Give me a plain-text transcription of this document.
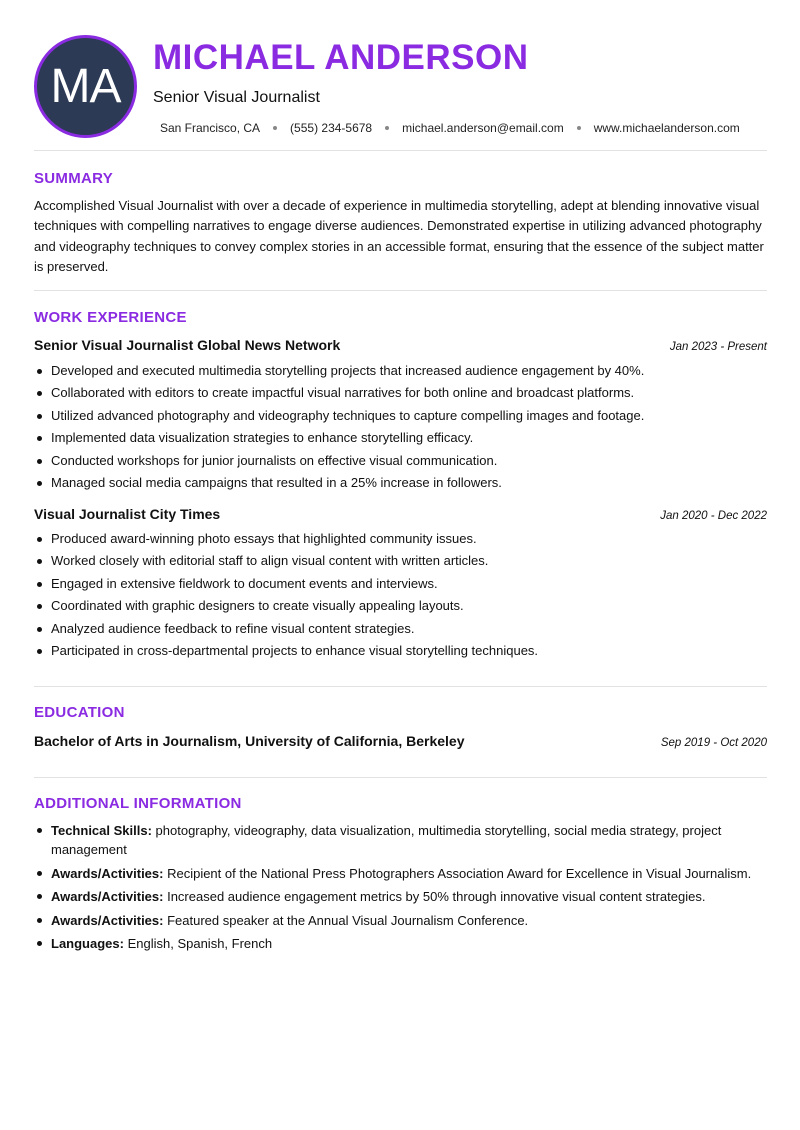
MA
MICHAEL ANDERSON
Senior Visual Journalist
San Francisco, CA	(555) 234-5678	michael.anderson@email.com	www.michaelanderson.com
SUMMARY

Accomplished Visual Journalist with over a decade of experience in multimedia storytelling, adept at blending innovative visual techniques with compelling narratives to engage diverse audiences. Demonstrated expertise in utilizing advanced photography and videography techniques to convey complex stories in an accessible format, ensuring that the essence of the subject matter is preserved.

WORK EXPERIENCE
Senior Visual Journalist Global News Network	Jan 2023 - Present
Developed and executed multimedia storytelling projects that increased audience engagement by 40%.
Collaborated with editors to create impactful visual narratives for both online and broadcast platforms.
Utilized advanced photography and videography techniques to capture compelling images and footage.
Implemented data visualization strategies to enhance storytelling efficacy.
Conducted workshops for junior journalists on effective visual communication.
Managed social media campaigns that resulted in a 25% increase in followers.
Visual Journalist City Times	Jan 2020 - Dec 2022
Produced award-winning photo essays that highlighted community issues.
Worked closely with editorial staff to align visual content with written articles.
Engaged in extensive fieldwork to document events and interviews.
Coordinated with graphic designers to create visually appealing layouts.
Analyzed audience feedback to refine visual content strategies.
Participated in cross-departmental projects to enhance visual storytelling techniques.
EDUCATION
Bachelor of Arts in Journalism, University of California, Berkeley	Sep 2019 - Oct 2020
ADDITIONAL INFORMATION
Technical Skills: photography, videography, data visualization, multimedia storytelling, social media strategy, project management
Awards/Activities: Recipient of the National Press Photographers Association Award for Excellence in Visual Journalism.
Awards/Activities: Increased audience engagement metrics by 50% through innovative visual content strategies.
Awards/Activities: Featured speaker at the Annual Visual Journalism Conference.
Languages: English, Spanish, French
